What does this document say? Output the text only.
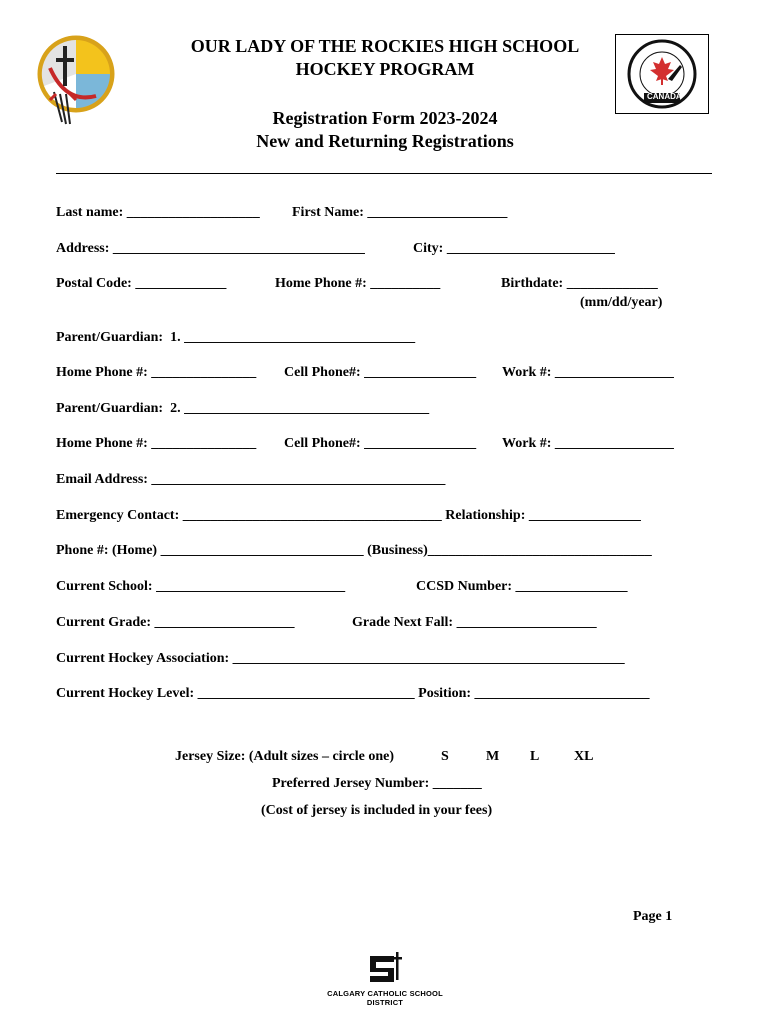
CANADA
OUR LADY OF THE ROCKIES HIGH SCHOOL
HOCKEY PROGRAM
Registration Form 2023-2024
New and Returning Registrations
Last name: ___________________ First Name: ____________________
Address: ____________________________________	City: ________________________
Postal Code: _____________	Home Phone #: __________	Birthdate: _____________
(mm/dd/year)
Parent/Guardian:  1. _________________________________
Home Phone #: _______________ Cell Phone#: ________________ Work #: _________________
Parent/Guardian:  2. ___________________________________
Home Phone #: _______________ Cell Phone#: ________________ Work #: _________________
Email Address: __________________________________________
Emergency Contact: _____________________________________ Relationship: ________________
Phone #: (Home) _____________________________ (Business)________________________________
Current School: ___________________________	CCSD Number: ________________
Current Grade: ____________________	Grade Next Fall: ____________________
Current Hockey Association: ________________________________________________________
Current Hockey Level: _______________________________ Position: _________________________
Jersey Size: (Adult sizes – circle one)	S	M L XL
Preferred Jersey Number: _______
(Cost of jersey is included in your fees)
Page 1
CALGARY CATHOLIC SCHOOL DISTRICT
